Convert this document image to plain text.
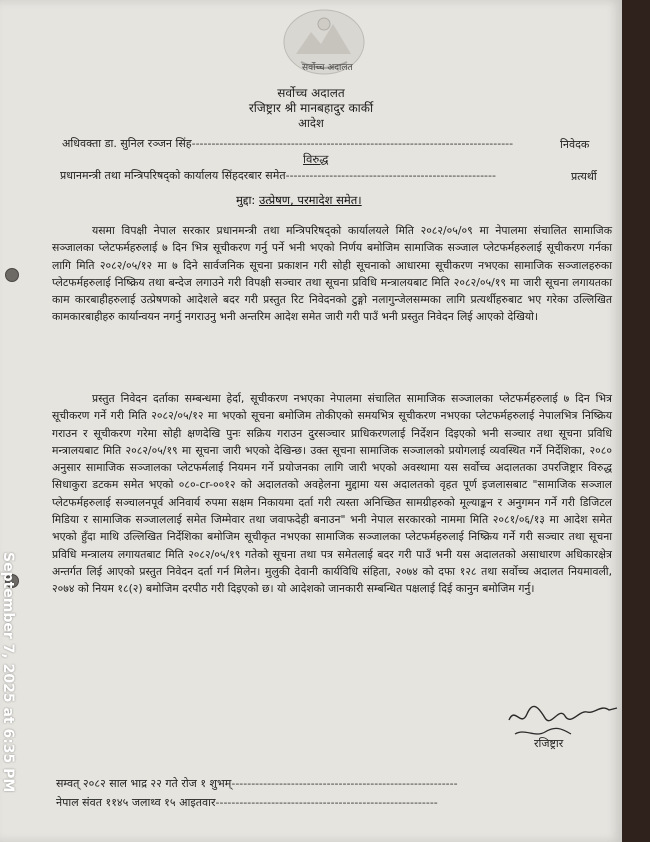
सर्वोच्च अदालत
सर्वोच्च अदालत
रजिष्ट्रार श्री मानबहादुर कार्की
आदेश
अधिवक्ता डा. सुनिल रञ्जन सिंह---------------------------------------------------------------------------------	निवेदक
विरुद्ध
प्रधानमन्त्री तथा मन्त्रिपरिषद्को कार्यालय सिंहदरबार समेत-----------------------------------------------------	प्रत्यर्थी
मुद्दा: उत्प्रेषण, परमादेश समेत।

यसमा विपक्षी नेपाल सरकार प्रधानमन्त्री तथा मन्त्रिपरिषद्को कार्यालयले मिति २०८२/०५/०९ मा नेपालमा संचालित सामाजिक सञ्जालका प्लेटफर्महरुलाई ७ दिन भित्र सूचीकरण गर्नु पर्ने भनी भएको निर्णय बमोजिम सामाजिक सञ्जाल प्लेटफर्महरुलाई सूचीकरण गर्नका लागि मिति २०८२/०५/१२ मा ७ दिने सार्वजनिक सूचना प्रकाशन गरी सोही सूचनाको आधारमा सूचीकरण नभएका सामाजिक सञ्जालहरुका प्लेटफर्महरुलाई निष्क्रिय तथा बन्देज लगाउने गरी विपक्षी सञ्चार तथा सूचना प्रविधि मन्त्रालयबाट मिति २०८२/०५/१९ मा जारी सूचना लगायतका काम कारबाहीहरुलाई उत्प्रेषणको आदेशले बदर गरी प्रस्तुत रिट निवेदनको टुङ्गो नलागुन्जेलसम्मका लागि प्रत्यर्थीहरुबाट भए गरेका उल्लिखित कामकारबाहीहरु कार्यान्वयन नगर्नु नगराउनु भनी अन्तरिम आदेश समेत जारी गरी पाउँ भनी प्रस्तुत निवेदन लिई आएको देखियो।

प्रस्तुत निवेदन दर्ताका सम्बन्धमा हेर्दा, सूचीकरण नभएका नेपालमा संचालित सामाजिक सञ्जालका प्लेटफर्महरुलाई ७ दिन भित्र सूचीकरण गर्ने गरी मिति २०८२/०५/१२ मा भएको सूचना बमोजिम तोकीएको समयभित्र सूचीकरण नभएका प्लेटफर्महरुलाई नेपालभित्र निष्क्रिय गराउन र सूचीकरण गरेमा सोही क्षणदेखि पुनः सक्रिय गराउन दुरसञ्चार प्राधिकरणलाई निर्देशन दिइएको भनी सञ्चार तथा सूचना प्रविधि मन्त्रालयबाट मिति २०८२/०५/१९ मा सूचना जारी भएको देखिन्छ। उक्त सूचना सामाजिक सञ्जालको प्रयोगलाई व्यवस्थित गर्ने निर्देशिका, २०८० अनुसार सामाजिक सञ्जालका प्लेटफर्मलाई नियमन गर्ने प्रयोजनका लागि जारी भएको अवस्थामा यस सर्वोच्च अदालतका उपरजिष्ट्रार विरुद्ध सिधाकुरा डटकम समेत भएको ०८०-cr-००१२ को अदालतको अवहेलना मुद्दामा यस अदालतको वृहत पूर्ण इजलासबाट "सामाजिक सञ्जाल प्लेटफर्महरुलाई सञ्चालनपूर्व अनिवार्य रुपमा सक्षम निकायमा दर्ता गरी त्यस्ता अनिच्छित सामग्रीहरुको मूल्याङ्कन र अनुगमन गर्ने गरी डिजिटल मिडिया र सामाजिक सञ्जाललाई समेत जिम्मेवार तथा जवाफदेही बनाउन" भनी नेपाल सरकारको नाममा मिति २०८१/०६/१३ मा आदेश समेत भएको हुँदा माथि उल्लिखित निर्देशिका बमोजिम सूचीकृत नभएका सामाजिक सञ्जालका प्लेटफर्महरुलाई निष्क्रिय गर्ने गरी सञ्चार तथा सूचना प्रविधि मन्त्रालय लगायतबाट मिति २०८२/०५/१९ गतेको सूचना तथा पत्र समेतलाई बदर गरी पाउँ भनी यस अदालतको असाधारण अधिकारक्षेत्र अन्तर्गत लिई आएको प्रस्तुत निवेदन दर्ता गर्न मिलेन। मुलुकी देवानी कार्यविधि संहिता, २०७४ को दफा १२८ तथा सर्वोच्च अदालत नियमावली, २०७४ को नियम १८(२) बमोजिम दरपीठ गरी दिइएको छ। यो आदेशको जानकारी सम्बन्धित पक्षलाई दिई कानुन बमोजिम गर्नु।

रजिष्ट्रार
सम्वत् २०८२ साल भाद्र २२ गते रोज १ शुभम्---------------------------------------------------------
नेपाल संवत ११४५ जलाथ्व १५ आइतवार--------------------------------------------------------
September 7, 2025 at 6:35 PM
